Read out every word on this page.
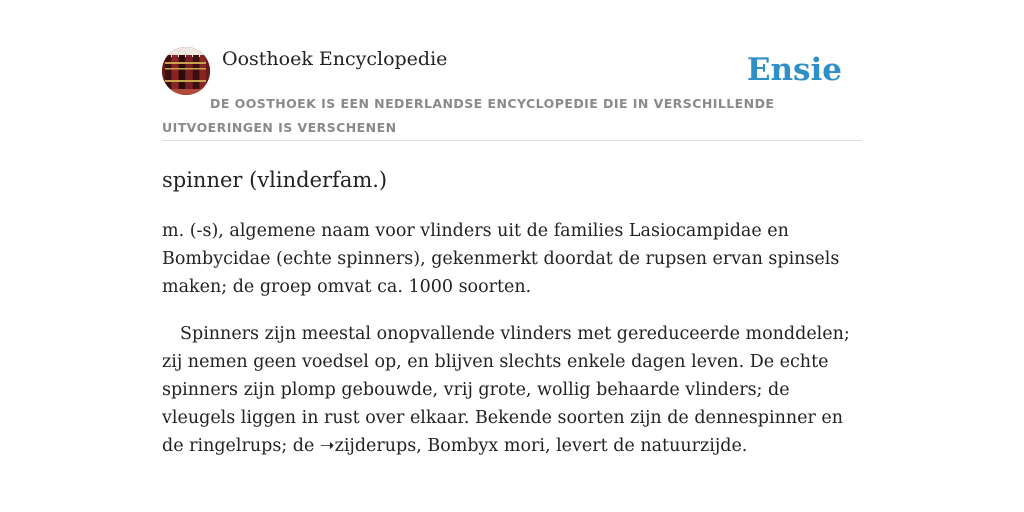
Oosthoek Encyclopedie	Ensie
DE OOSTHOEK IS EEN NEDERLANDSE ENCYCLOPEDIE DIE IN VERSCHILLENDE UITVOERINGEN IS VERSCHENEN
spinner (vlinderfam.)

m. (-s), algemene naam voor vlinders uit de families Lasiocampidae en Bombycidae (echte spinners), gekenmerkt doordat de rupsen ervan spinsels maken; de groep omvat ca. 1000 soorten.

Spinners zijn meestal onopvallende vlinders met gereduceerde monddelen; zij nemen geen voedsel op, en blijven slechts enkele dagen leven. De echte spinners zijn plomp gebouwde, vrij grote, wollig behaarde vlinders; de vleugels liggen in rust over elkaar. Bekende soorten zijn de dennespinner en de ringelrups; de ➝zijderups, Bombyx mori, levert de natuurzijde.
